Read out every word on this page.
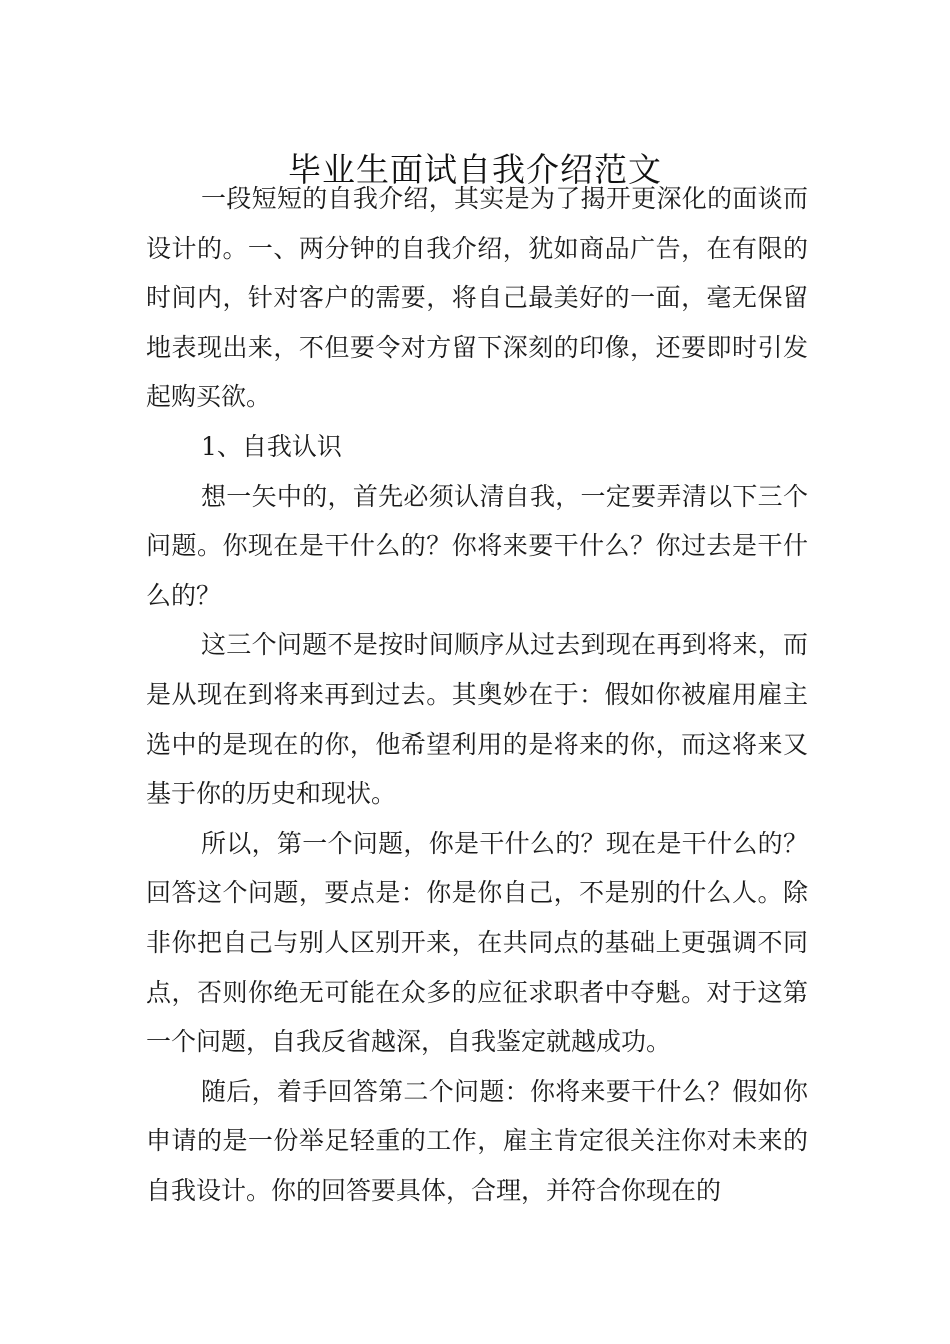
毕业生面试自我介绍范文

一段短短的自我介绍，其实是为了揭开更深化的面谈而设计的。一、两分钟的自我介绍，犹如商品广告，在有限的时间内，针对客户的需要，将自己最美好的一面，毫无保留地表现出来，不但要令对方留下深刻的印像，还要即时引发起购买欲。

1、自我认识

想一矢中的，首先必须认清自我，一定要弄清以下三个问题。你现在是干什么的？你将来要干什么？你过去是干什么的？

这三个问题不是按时间顺序从过去到现在再到将来，而是从现在到将来再到过去。其奥妙在于：假如你被雇用雇主选中的是现在的你，他希望利用的是将来的你，而这将来又基于你的历史和现状。

所以，第一个问题，你是干什么的？现在是干什么的？回答这个问题，要点是：你是你自己，不是别的什么人。除非你把自己与别人区别开来，在共同点的基础上更强调不同点，否则你绝无可能在众多的应征求职者中夺魁。对于这第一个问题，自我反省越深，自我鉴定就越成功。

随后，着手回答第二个问题：你将来要干什么？假如你申请的是一份举足轻重的工作，雇主肯定很关注你对未来的自我设计。你的回答要具体，合理，并符合你现在的
